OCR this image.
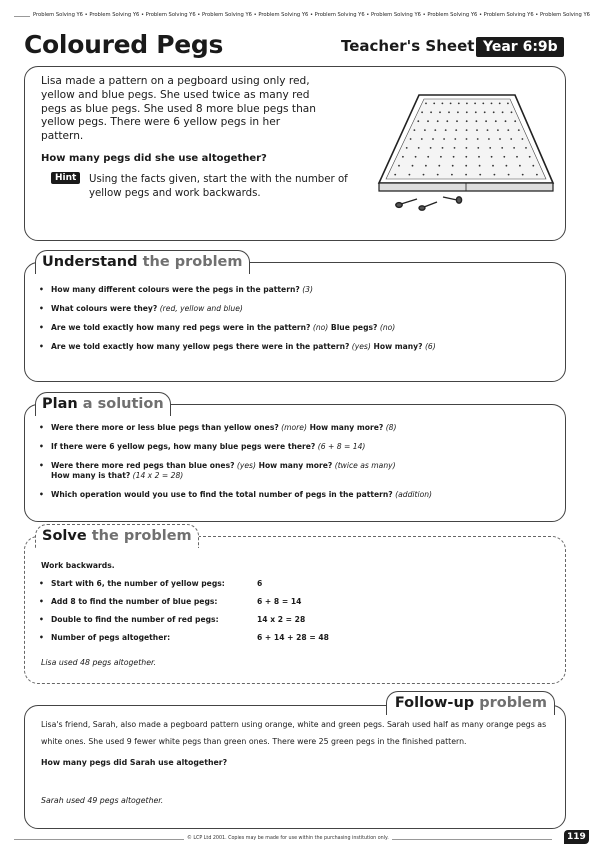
Problem Solving Y6 • Problem Solving Y6 • Problem Solving Y6 • Problem Solving Y6 • Problem Solving Y6 • Problem Solving Y6 • Problem Solving Y6 • Problem Solving Y6 • Problem Solving Y6 • Problem Solving Y6
Coloured Pegs	Teacher's Sheet Year 6:9b
Lisa made a pattern on a pegboard using only red, yellow and blue pegs. She used twice as many red pegs as blue pegs. She used 8 more blue pegs than yellow pegs. There were 6 yellow pegs in her pattern.
How many pegs did she use altogether?
Hint	Using the facts given, start the with the number of yellow pegs and work backwards.
Understand the problem
• How many different colours were the pegs in the pattern? (3)
• What colours were they? (red, yellow and blue)
• Are we told exactly how many red pegs were in the pattern? (no) Blue pegs? (no)
• Are we told exactly how many yellow pegs there were in the pattern? (yes) How many? (6)
Plan a solution
• Were there more or less blue pegs than yellow ones? (more) How many more? (8)
• If there were 6 yellow pegs, how many blue pegs were there? (6 + 8 = 14)
• Were there more red pegs than blue ones? (yes) How many more? (twice as many)
How many is that? (14 x 2 = 28)
• Which operation would you use to find the total number of pegs in the pattern? (addition)
Solve the problem
Work backwards.
• Start with 6, the number of yellow pegs:	6
• Add 8 to find the number of blue pegs:	6 + 8 = 14
• Double to find the number of red pegs:	14 x 2 = 28
• Number of pegs altogether:	6 + 14 + 28 = 48
Lisa used 48 pegs altogether.
Follow-up problem
Lisa's friend, Sarah, also made a pegboard pattern using orange, white and green pegs. Sarah used half as many orange pegs as white ones. She used 9 fewer white pegs than green ones. There were 25 green pegs in the finished pattern.
How many pegs did Sarah use altogether?
Sarah used 49 pegs altogether.
© LCP Ltd 2001. Copies may be made for use within the purchasing institution only.	119
